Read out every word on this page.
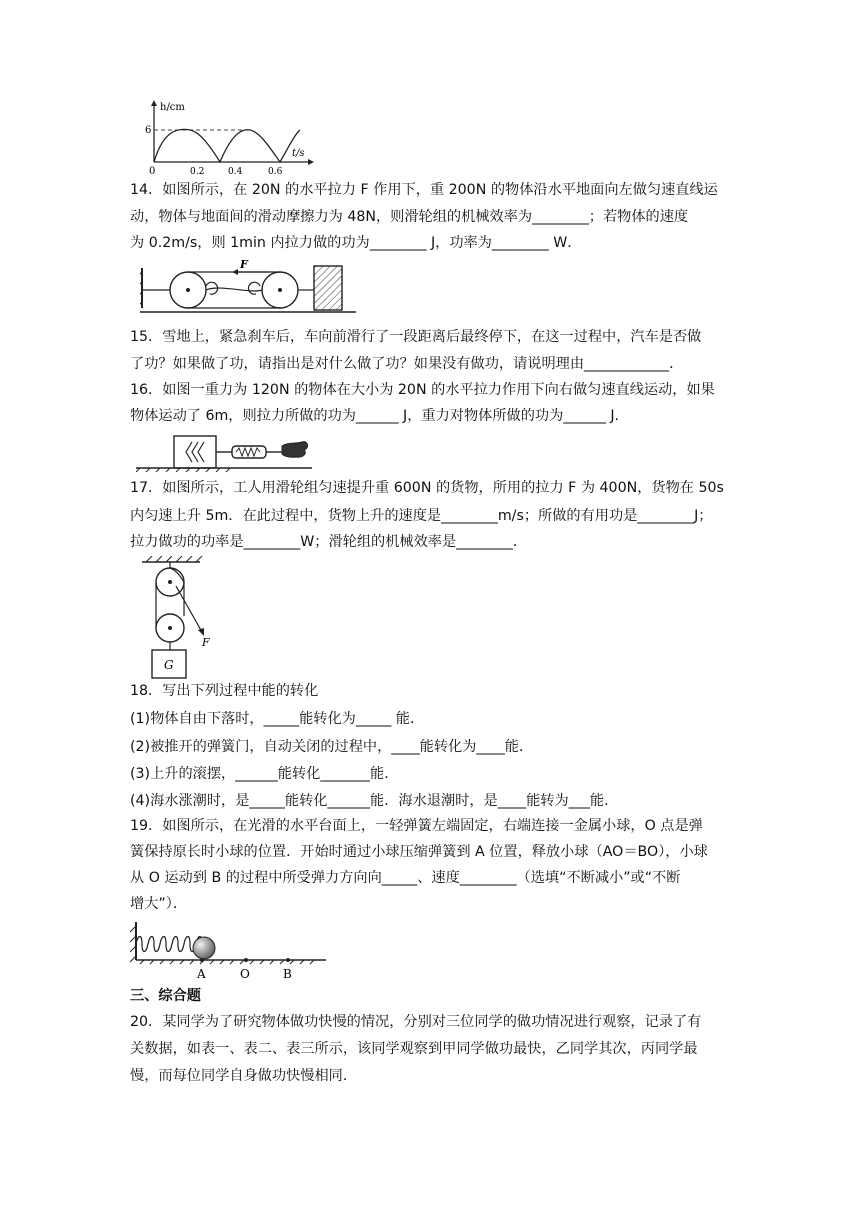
h/cm
t/s
6
0	0.2	0.4	0.6
14．如图所示，在 20N 的水平拉力 F 作用下，重 200N 的物体沿水平地面向左做匀速直线运
动，物体与地面间的滑动摩擦力为 48N，则滑轮组的机械效率为________；若物体的速度
为 0.2m/s，则 1min 内拉力做的功为________ J，功率为________ W．
F
15．雪地上，紧急刹车后，车向前滑行了一段距离后最终停下，在这一过程中，汽车是否做
了功？如果做了功，请指出是对什么做了功？如果没有做功，请说明理由____________．
16．如图一重力为 120N 的物体在大小为 20N 的水平拉力作用下向右做匀速直线运动，如果
物体运动了 6m，则拉力所做的功为______ J，重力对物体所做的功为______ J.
17．如图所示，工人用滑轮组匀速提升重 600N 的货物，所用的拉力 F 为 400N，货物在 50s
内匀速上升 5m．在此过程中，货物上升的速度是________m/s；所做的有用功是________J；
拉力做功的功率是________W；滑轮组的机械效率是________．
F
G
18．写出下列过程中能的转化
(1)物体自由下落时，_____能转化为_____ 能．
(2)被推开的弹簧门，自动关闭的过程中，____能转化为____能．
(3)上升的滚摆，______能转化_______能．
(4)海水涨潮时，是_____能转化______能．海水退潮时，是____能转为___能．
19．如图所示，在光滑的水平台面上，一轻弹簧左端固定，右端连接一金属小球，O 点是弹
簧保持原长时小球的位置．开始时通过小球压缩弹簧到 A 位置，释放小球（AO＝BO），小球
从 O 运动到 B 的过程中所受弹力方向向_____、速度________（选填“不断减小”或“不断
增大”）．
A	O	B
三、综合题
20．某同学为了研究物体做功快慢的情况，分别对三位同学的做功情况进行观察，记录了有
关数据，如表一、表二、表三所示，该同学观察到甲同学做功最快，乙同学其次，丙同学最
慢，而每位同学自身做功快慢相同．
